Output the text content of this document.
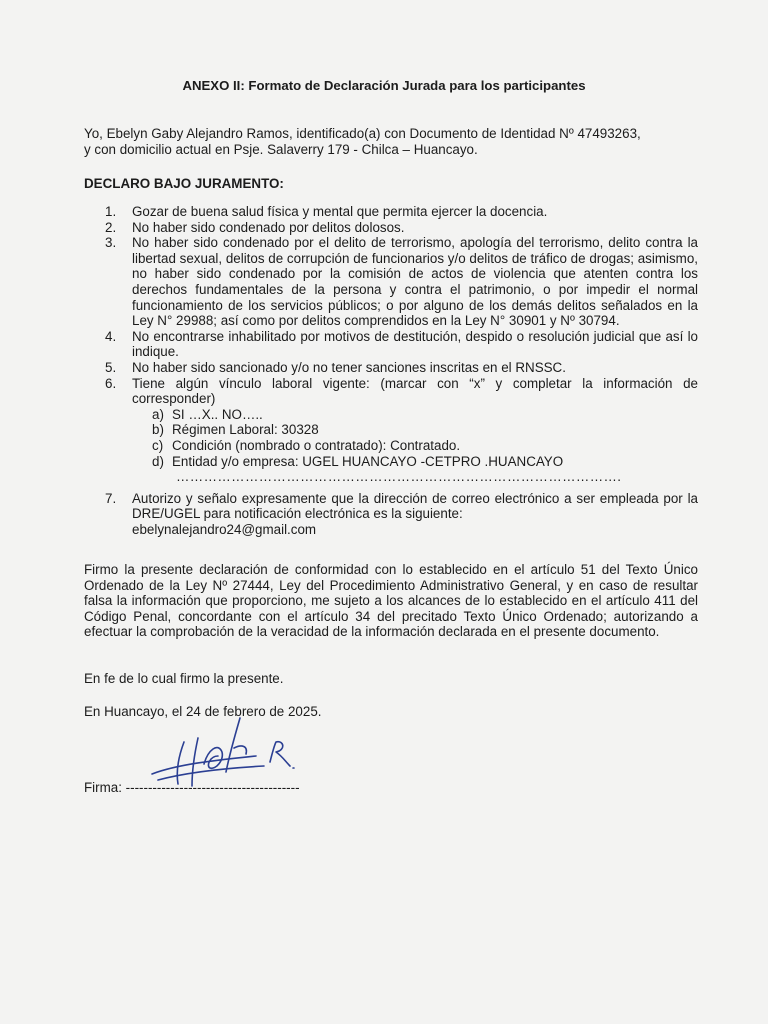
ANEXO II: Formato de Declaración Jurada para los participantes
Yo, Ebelyn Gaby Alejandro Ramos, identificado(a) con Documento de Identidad Nº 47493263,
y con domicilio actual en Psje. Salaverry 179 - Chilca – Huancayo.
DECLARO BAJO JURAMENTO:
1. Gozar de buena salud física y mental que permita ejercer la docencia.
2. No haber sido condenado por delitos dolosos.
3. No haber sido condenado por el delito de terrorismo, apología del terrorismo, delito contra la libertad sexual, delitos de corrupción de funcionarios y/o delitos de tráfico de drogas; asimismo, no haber sido condenado por la comisión de actos de violencia que atenten contra los derechos fundamentales de la persona y contra el patrimonio, o por impedir el normal funcionamiento de los servicios públicos; o por alguno de los demás delitos señalados en la Ley N° 29988; así como por delitos comprendidos en la Ley N° 30901 y Nº 30794.
4. No encontrarse inhabilitado por motivos de destitución, despido o resolución judicial que así lo indique.
5. No haber sido sancionado y/o no tener sanciones inscritas en el RNSSC.
6. Tiene algún vínculo laboral vigente: (marcar con “x” y completar la información de corresponder)
a) SI …X.. NO…..
b) Régimen Laboral: 30328
c) Condición (nombrado o contratado): Contratado.
d) Entidad y/o empresa: UGEL HUANCAYO -CETPRO .HUANCAYO
…………………………………………………………………………………….
7. Autorizo y señalo expresamente que la dirección de correo electrónico a ser empleada por la DRE/UGEL para notificación electrónica es la siguiente:
ebelynalejandro24@gmail.com
Firmo la presente declaración de conformidad con lo establecido en el artículo 51 del Texto Único Ordenado de la Ley Nº 27444, Ley del Procedimiento Administrativo General, y en caso de resultar falsa la información que proporciono, me sujeto a los alcances de lo establecido en el artículo 411 del Código Penal, concordante con el artículo 34 del precitado Texto Único Ordenado; autorizando a efectuar la comprobación de la veracidad de la información declarada en el presente documento.
En fe de lo cual firmo la presente.
En Huancayo, el 24 de febrero de 2025.
Firma: ---------------------------------------
